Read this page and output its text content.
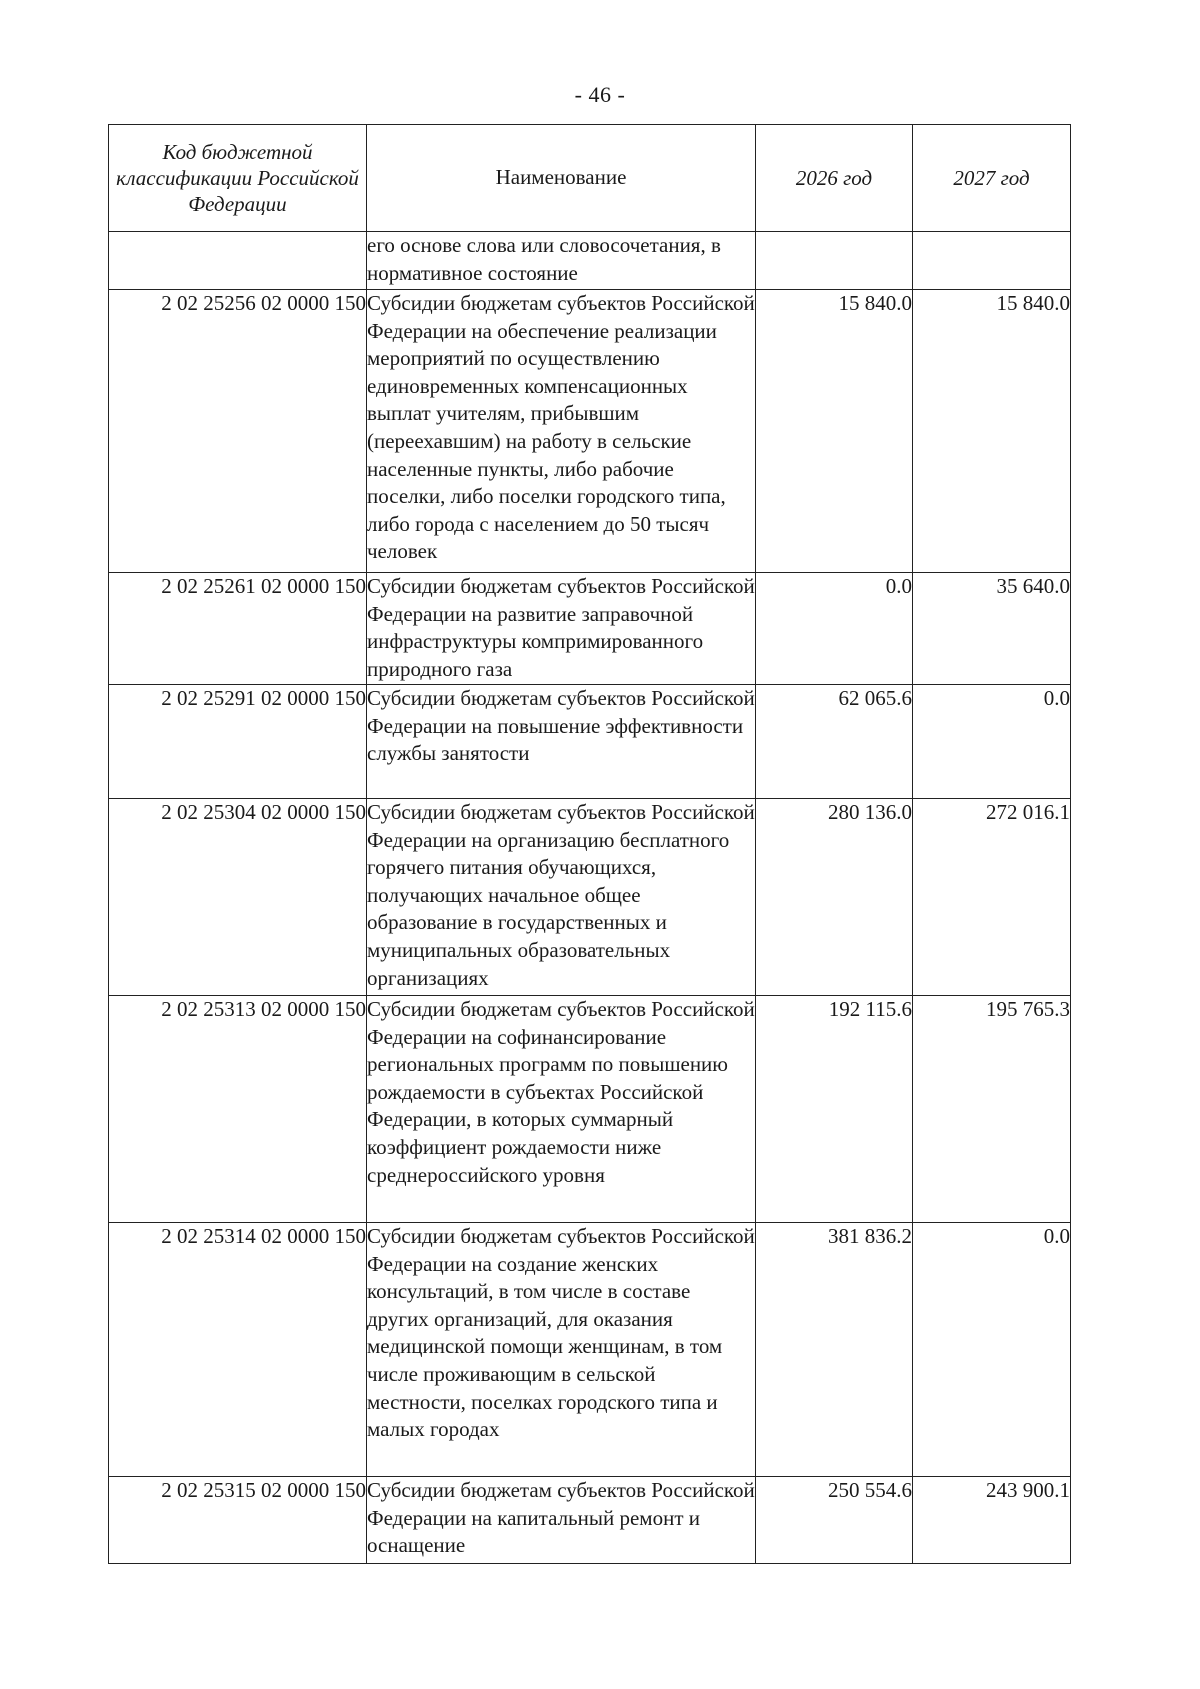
- 46 -
Код бюджетной классификации Российской Федерации	Наименование	2026 год	2027 год
	его основе слова или словосочетания, в нормативное состояние		
2 02 25256 02 0000 150	Субсидии бюджетам субъектов Российской Федерации на обеспечение реализации мероприятий по осуществлению единовременных компенсационных выплат учителям, прибывшим (переехавшим) на работу в сельские населенные пункты, либо рабочие поселки, либо поселки городского типа, либо города с населением до 50 тысяч человек	15 840.0	15 840.0
2 02 25261 02 0000 150	Субсидии бюджетам субъектов Российской Федерации на развитие заправочной инфраструктуры компримированного природного газа	0.0	35 640.0
2 02 25291 02 0000 150	Субсидии бюджетам субъектов Российской Федерации на повышение эффективности службы занятости	62 065.6	0.0
2 02 25304 02 0000 150	Субсидии бюджетам субъектов Российской Федерации на организацию бесплатного горячего питания обучающихся, получающих начальное общее образование в государственных и муниципальных образовательных организациях	280 136.0	272 016.1
2 02 25313 02 0000 150	Субсидии бюджетам субъектов Российской Федерации на софинансирование региональных программ по повышению рождаемости в субъектах Российской Федерации, в которых суммарный коэффициент рождаемости ниже среднероссийского уровня	192 115.6	195 765.3
2 02 25314 02 0000 150	Субсидии бюджетам субъектов Российской Федерации на создание женских консультаций, в том числе в составе других организаций, для оказания медицинской помощи женщинам, в том числе проживающим в сельской местности, поселках городского типа и малых городах	381 836.2	0.0
2 02 25315 02 0000 150	Субсидии бюджетам субъектов Российской Федерации на капитальный ремонт и оснащение	250 554.6	243 900.1
